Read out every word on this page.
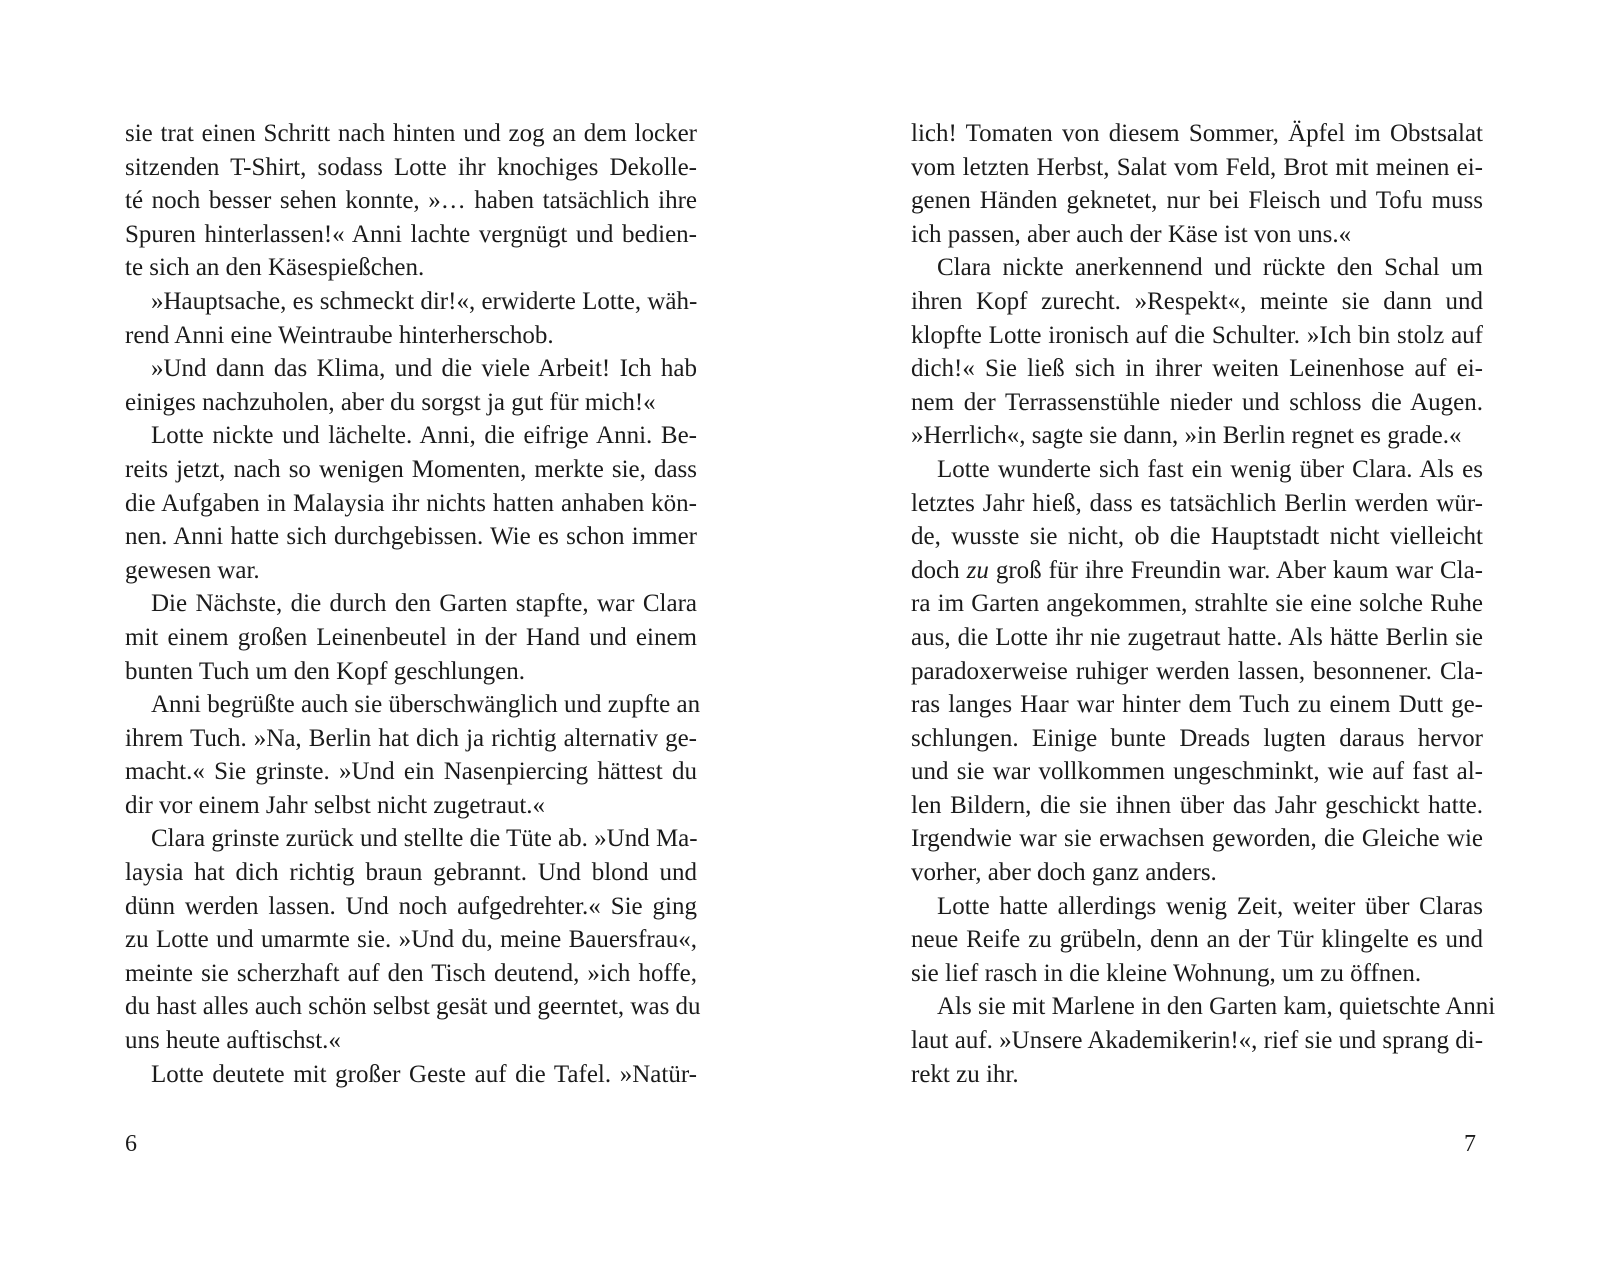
sie trat einen Schritt nach hinten und zog an dem locker
sitzenden T-Shirt, sodass Lotte ihr knochiges Dekolle-
té noch besser sehen konnte, »… haben tatsächlich ihre
Spuren hinterlassen!« Anni lachte vergnügt und bedien-
te sich an den Käsespießchen.
»Hauptsache, es schmeckt dir!«, erwiderte Lotte, wäh-
rend Anni eine Weintraube hinterherschob.
»Und dann das Klima, und die viele Arbeit! Ich hab
einiges nachzuholen, aber du sorgst ja gut für mich!«
Lotte nickte und lächelte. Anni, die eifrige Anni. Be-
reits jetzt, nach so wenigen Momenten, merkte sie, dass
die Aufgaben in Malaysia ihr nichts hatten anhaben kön-
nen. Anni hatte sich durchgebissen. Wie es schon immer
gewesen war.
Die Nächste, die durch den Garten stapfte, war Clara
mit einem großen Leinenbeutel in der Hand und einem
bunten Tuch um den Kopf geschlungen.
Anni begrüßte auch sie überschwänglich und zupfte an
ihrem Tuch. »Na, Berlin hat dich ja richtig alternativ ge-
macht.« Sie grinste. »Und ein Nasenpiercing hättest du
dir vor einem Jahr selbst nicht zugetraut.«
Clara grinste zurück und stellte die Tüte ab. »Und Ma-
laysia hat dich richtig braun gebrannt. Und blond und
dünn werden lassen. Und noch aufgedrehter.« Sie ging
zu Lotte und umarmte sie. »Und du, meine Bauersfrau«,
meinte sie scherzhaft auf den Tisch deutend, »ich hoffe,
du hast alles auch schön selbst gesät und geerntet, was du
uns heute auftischst.«
Lotte deutete mit großer Geste auf die Tafel. »Natür-
lich! Tomaten von diesem Sommer, Äpfel im Obstsalat
vom letzten Herbst, Salat vom Feld, Brot mit meinen ei-
genen Händen geknetet, nur bei Fleisch und Tofu muss
ich passen, aber auch der Käse ist von uns.«
Clara nickte anerkennend und rückte den Schal um
ihren Kopf zurecht. »Respekt«, meinte sie dann und
klopfte Lotte ironisch auf die Schulter. »Ich bin stolz auf
dich!« Sie ließ sich in ihrer weiten Leinenhose auf ei-
nem der Terrassenstühle nieder und schloss die Augen.
»Herrlich«, sagte sie dann, »in Berlin regnet es grade.«
Lotte wunderte sich fast ein wenig über Clara. Als es
letztes Jahr hieß, dass es tatsächlich Berlin werden wür-
de, wusste sie nicht, ob die Hauptstadt nicht vielleicht
doch zu groß für ihre Freundin war. Aber kaum war Cla-
ra im Garten angekommen, strahlte sie eine solche Ruhe
aus, die Lotte ihr nie zugetraut hatte. Als hätte Berlin sie
paradoxerweise ruhiger werden lassen, besonnener. Cla-
ras langes Haar war hinter dem Tuch zu einem Dutt ge-
schlungen. Einige bunte Dreads lugten daraus hervor
und sie war vollkommen ungeschminkt, wie auf fast al-
len Bildern, die sie ihnen über das Jahr geschickt hatte.
Irgendwie war sie erwachsen geworden, die Gleiche wie
vorher, aber doch ganz anders.
Lotte hatte allerdings wenig Zeit, weiter über Claras
neue Reife zu grübeln, denn an der Tür klingelte es und
sie lief rasch in die kleine Wohnung, um zu öffnen.
Als sie mit Marlene in den Garten kam, quietschte Anni
laut auf. »Unsere Akademikerin!«, rief sie und sprang di-
rekt zu ihr.
6	7
